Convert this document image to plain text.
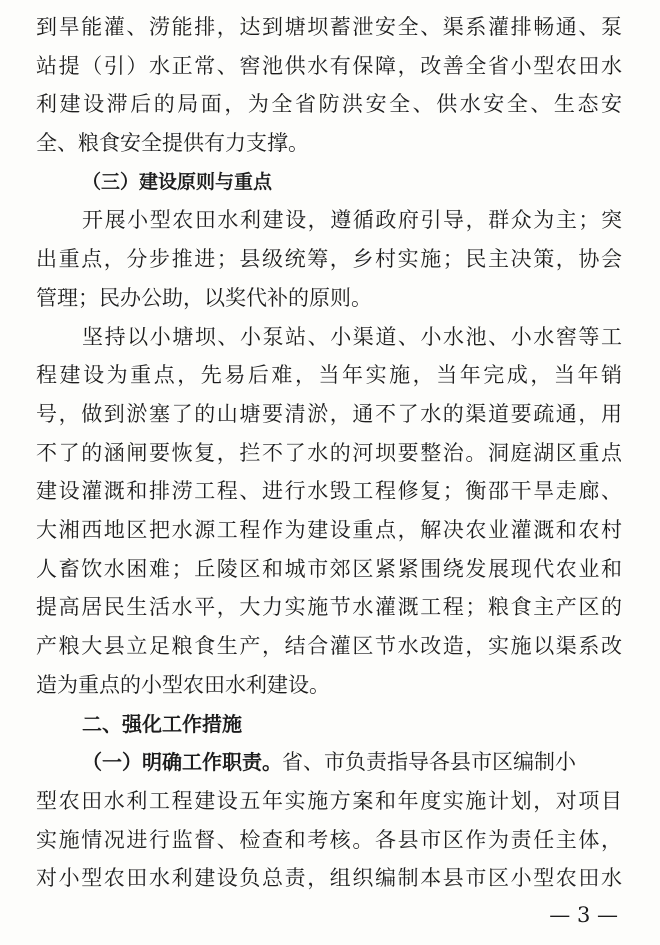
到旱能灌、涝能排，达到塘坝蓄泄安全、渠系灌排畅通、泵
站提（引）水正常、窖池供水有保障，改善全省小型农田水
利建设滞后的局面，为全省防洪安全、供水安全、生态安
全、粮食安全提供有力支撑。
（三）建设原则与重点
开展小型农田水利建设，遵循政府引导，群众为主；突
出重点，分步推进；县级统筹，乡村实施；民主决策，协会
管理；民办公助，以奖代补的原则。
坚持以小塘坝、小泵站、小渠道、小水池、小水窖等工
程建设为重点，先易后难，当年实施，当年完成，当年销
号，做到淤塞了的山塘要清淤，通不了水的渠道要疏通，用
不了的涵闸要恢复，拦不了水的河坝要整治。洞庭湖区重点
建设灌溉和排涝工程、进行水毁工程修复；衡邵干旱走廊、
大湘西地区把水源工程作为建设重点，解决农业灌溉和农村
人畜饮水困难；丘陵区和城市郊区紧紧围绕发展现代农业和
提高居民生活水平，大力实施节水灌溉工程；粮食主产区的
产粮大县立足粮食生产，结合灌区节水改造，实施以渠系改
造为重点的小型农田水利建设。
二、强化工作措施
（一）明确工作职责。省、市负责指导各县市区编制小
型农田水利工程建设五年实施方案和年度实施计划，对项目
实施情况进行监督、检查和考核。各县市区作为责任主体，
对小型农田水利建设负总责，组织编制本县市区小型农田水
— 3 —
